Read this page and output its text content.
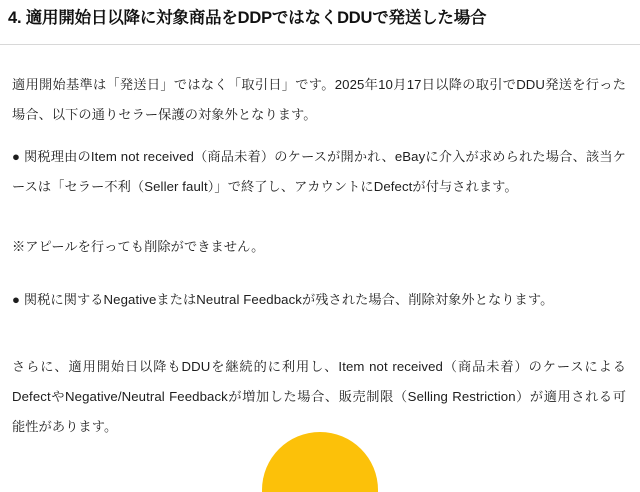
4. 適用開始日以降に対象商品をDDPではなくDDUで発送した場合
適用開始基準は「発送日」ではなく「取引日」です。2025年10月17日以降の取引でDDU発送を行った場合、以下の通りセラー保護の対象外となります。
● 関税理由のItem not received（商品未着）のケースが開かれ、eBayに介入が求められた場合、該当ケースは「セラー不利（Seller fault）」で終了し、アカウントにDefectが付与されます。
※アピールを行っても削除ができません。
● 関税に関するNegativeまたはNeutral Feedbackが残された場合、削除対象外となります。
さらに、適用開始日以降もDDUを継続的に利用し、Item not received（商品未着）のケースによるDefectやNegative/Neutral Feedbackが増加した場合、販売制限（Selling Restriction）が適用される可能性があります。
